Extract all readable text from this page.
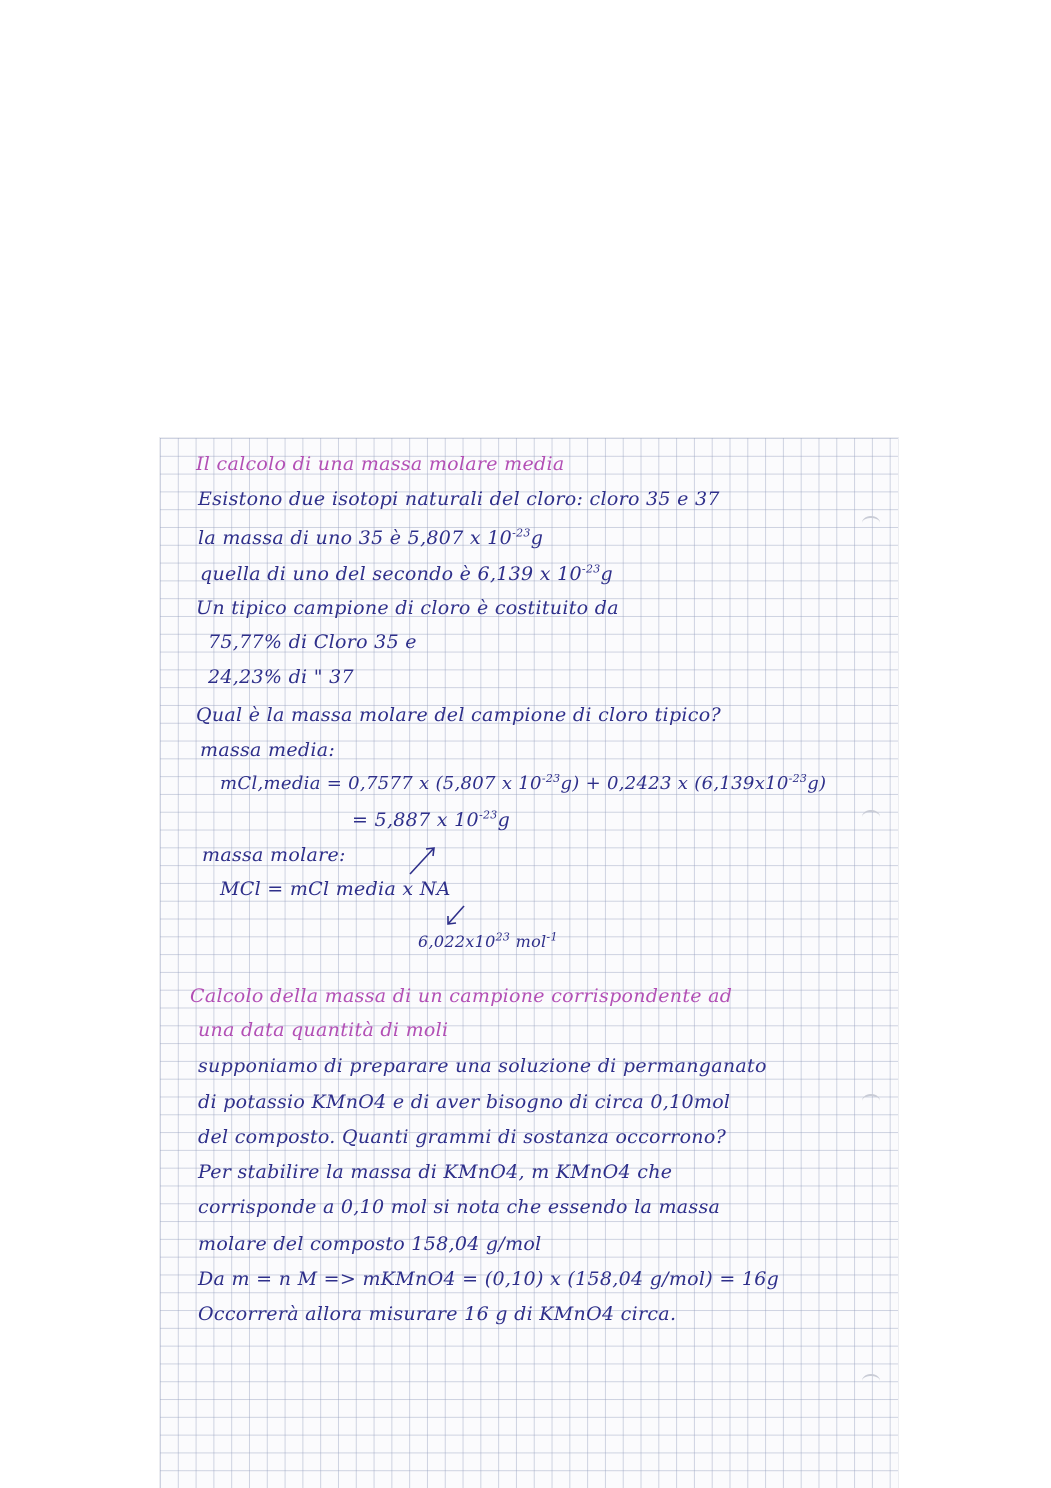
Il calcolo di una massa molare media
Esistono due isotopi naturali del cloro: cloro 35 e 37
la massa di uno 35 è 5,807 x $10^{-23}g$
quella di uno del secondo è 6,139 x $10^{-23}g$
Un tipico campione di cloro è costituito da
75,77% di Cloro 35 e
24,23% di " 37
Qual è la massa molare del campione di cloro tipico?
massa media:
mCl,media = 0,7577 x (5,807 x $10^{-23}g) + 0,2423$ x $(6,139x10^{-23}g)$
= 5,887 x $10^{-23}g$
massa molare:
MCl = mCl media x NA
$6,022x10^{23}$ mol$^{-1}$
Calcolo della massa di un campione corrispondente ad
una data quantità di moli
supponiamo di preparare una soluzione di permanganato
di potassio KMnO4 e di aver bisogno di circa 0,10mol
del composto. Quanti grammi di sostanza occorrono?
Per stabilire la massa di KMnO4, m KMnO4 che
corrisponde a 0,10 mol si nota che essendo la massa
molare del composto 158,04 g/mol
Da m = n M => mKMnO4 = (0,10) x (158,04 g/mol) = 16g
Occorrerà allora misurare 16 g di KMnO4 circa.
